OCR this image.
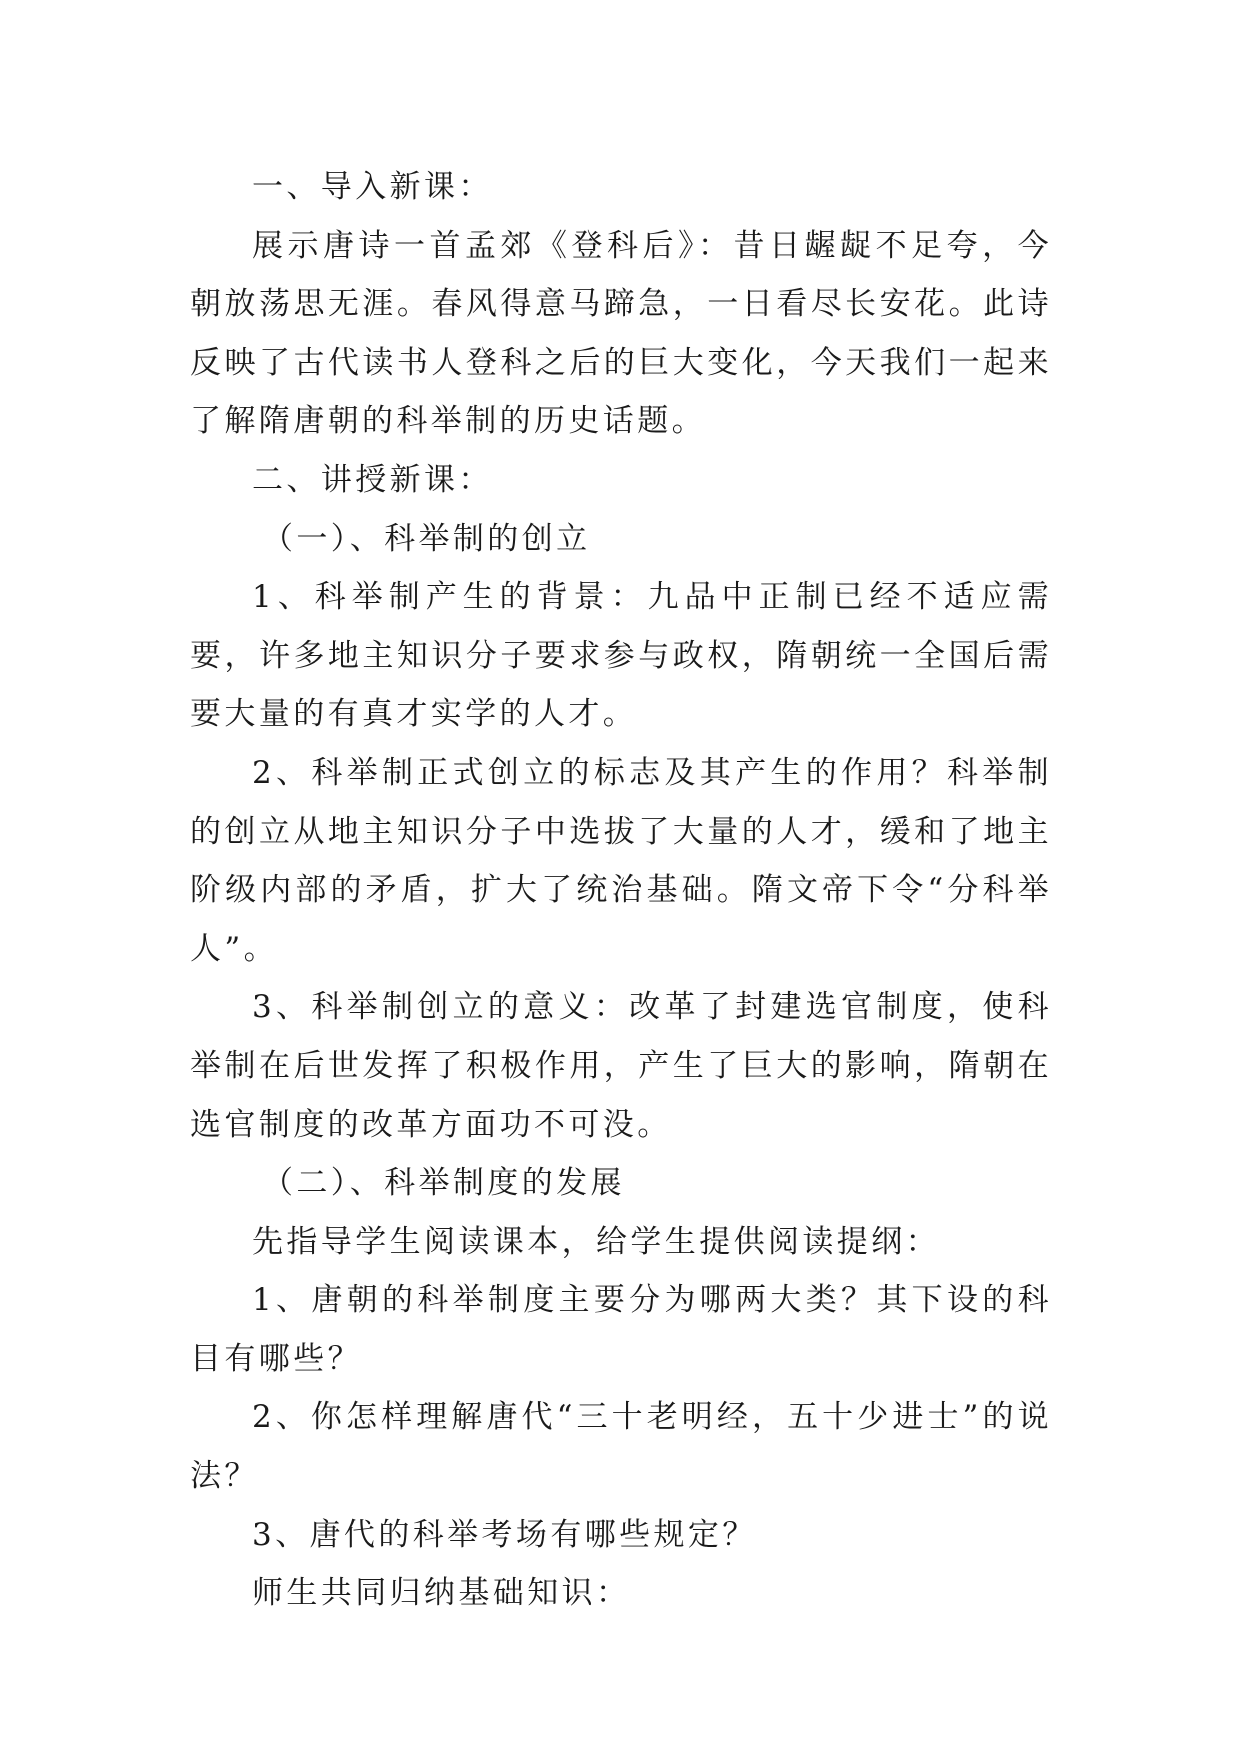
一、导入新课：

展示唐诗一首孟郊《登科后》：昔日龌龊不足夸，今朝放荡思无涯。春风得意马蹄急，一日看尽长安花。此诗反映了古代读书人登科之后的巨大变化，今天我们一起来了解隋唐朝的科举制的历史话题。

二、讲授新课：

（一）、科举制的创立

1、科举制产生的背景：九品中正制已经不适应需要，许多地主知识分子要求参与政权，隋朝统一全国后需要大量的有真才实学的人才。

2、科举制正式创立的标志及其产生的作用？科举制的创立从地主知识分子中选拔了大量的人才，缓和了地主阶级内部的矛盾，扩大了统治基础。隋文帝下令“分科举人”。

3、科举制创立的意义：改革了封建选官制度，使科举制在后世发挥了积极作用，产生了巨大的影响，隋朝在选官制度的改革方面功不可没。

（二）、科举制度的发展

先指导学生阅读课本，给学生提供阅读提纲：

1、唐朝的科举制度主要分为哪两大类？其下设的科目有哪些？

2、你怎样理解唐代“三十老明经，五十少进士”的说法？

3、唐代的科举考场有哪些规定？

师生共同归纳基础知识：
